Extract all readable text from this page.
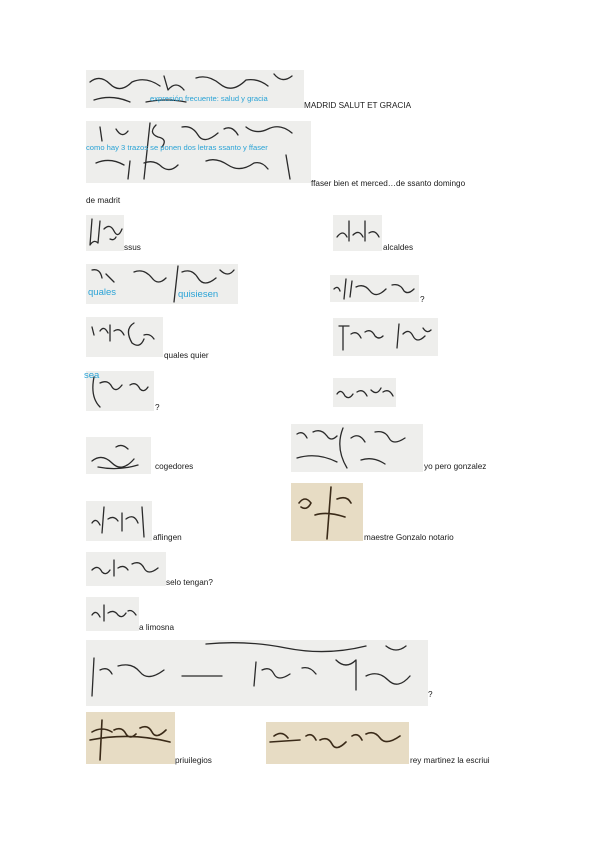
expresión frecuente: salud y gracia
MADRID SALUT ET GRACIA
como hay 3 trazos se ponen dos letras ssanto y ffaser
ffaser bien et merced…de ssanto domingo
de madrit
ssus	alcaldes
quales	quisiesen	?
quales quier
sea
?
cogedores	yo pero gonzalez
aflingen	maestre Gonzalo notario
selo tengan?
a limosna
?
priuilegios	rey martinez la escriui
